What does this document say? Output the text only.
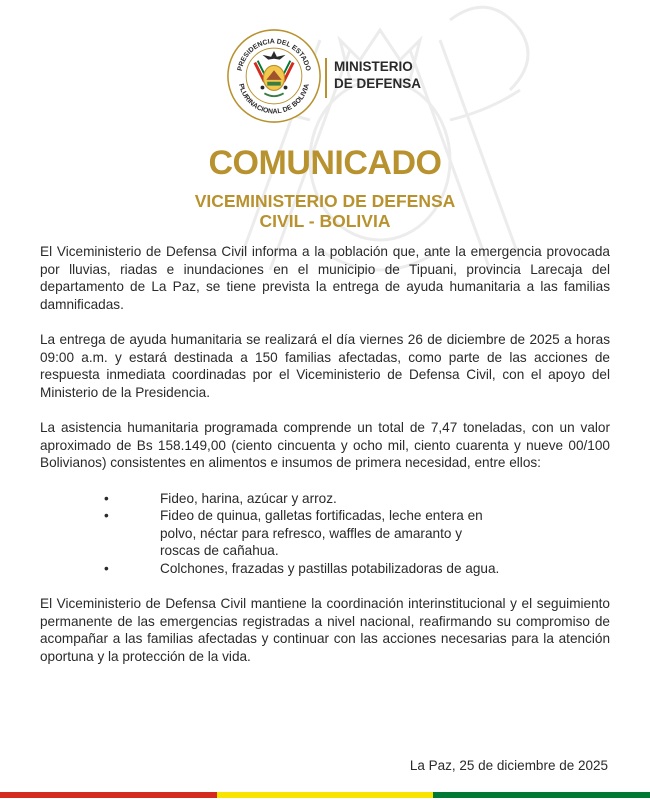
PRESIDENCIA DEL ESTADO
PLURINACIONAL DE BOLIVIA
MINISTERIO
DE DEFENSA
COMUNICADO
VICEMINISTERIO DE DEFENSA
CIVIL - BOLIVIA

El Viceministerio de Defensa Civil informa a la población que, ante la emergencia provocada por lluvias, riadas e inundaciones en el municipio de Tipuani, provincia Larecaja del departamento de La Paz, se tiene prevista la entrega de ayuda humanitaria a las familias damnificadas.

La entrega de ayuda humanitaria se realizará el día viernes 26 de diciembre de 2025 a horas 09:00 a.m. y estará destinada a 150 familias afectadas, como parte de las acciones de respuesta inmediata coordinadas por el Viceministerio de Defensa Civil, con el apoyo del Ministerio de la Presidencia.

La asistencia humanitaria programada comprende un total de 7,47 toneladas, con un valor aproximado de Bs 158.149,00 (ciento cincuenta y ocho mil, ciento cuarenta y nueve 00/100 Bolivianos) consistentes en alimentos e insumos de primera necesidad, entre ellos:

•	Fideo, harina, azúcar y arroz.
•	Fideo de quinua, galletas fortificadas, leche entera en polvo, néctar para refresco, waffles de amaranto y roscas de cañahua.
•	Colchones, frazadas y pastillas potabilizadoras de agua.

El Viceministerio de Defensa Civil mantiene la coordinación interinstitucional y el seguimiento permanente de las emergencias registradas a nivel nacional, reafirmando su compromiso de acompañar a las familias afectadas y continuar con las acciones necesarias para la atención oportuna y la protección de la vida.

La Paz, 25 de diciembre de 2025
